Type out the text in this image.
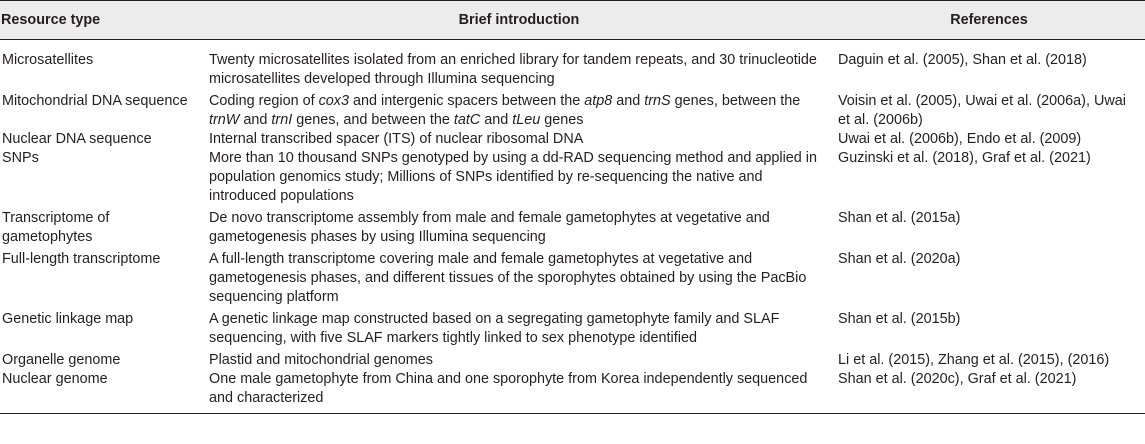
Resource type	Brief introduction	References
Microsatellites	Twenty microsatellites isolated from an enriched library for tandem repeats, and 30 trinucleotide microsatellites developed through Illumina sequencing	Daguin et al. (2005), Shan et al. (2018)
Mitochondrial DNA sequence	Coding region of cox3 and intergenic spacers between the atp8 and trnS genes, between the trnW and trnI genes, and between the tatC and tLeu genes	Voisin et al. (2005), Uwai et al. (2006a), Uwai et al. (2006b)
Nuclear DNA sequence	Internal transcribed spacer (ITS) of nuclear ribosomal DNA	Uwai et al. (2006b), Endo et al. (2009)
SNPs	More than 10 thousand SNPs genotyped by using a dd-RAD sequencing method and applied in population genomics study; Millions of SNPs identified by re-sequencing the native and introduced populations	Guzinski et al. (2018), Graf et al. (2021)
Transcriptome of gametophytes	De novo transcriptome assembly from male and female gametophytes at vegetative and gametogenesis phases by using Illumina sequencing	Shan et al. (2015a)
Full-length transcriptome	A full-length transcriptome covering male and female gametophytes at vegetative and gametogenesis phases, and different tissues of the sporophytes obtained by using the PacBio sequencing platform	Shan et al. (2020a)
Genetic linkage map	A genetic linkage map constructed based on a segregating gametophyte family and SLAF sequencing, with five SLAF markers tightly linked to sex phenotype identified	Shan et al. (2015b)
Organelle genome	Plastid and mitochondrial genomes	Li et al. (2015), Zhang et al. (2015), (2016)
Nuclear genome	One male gametophyte from China and one sporophyte from Korea independently sequenced and characterized	Shan et al. (2020c), Graf et al. (2021)
